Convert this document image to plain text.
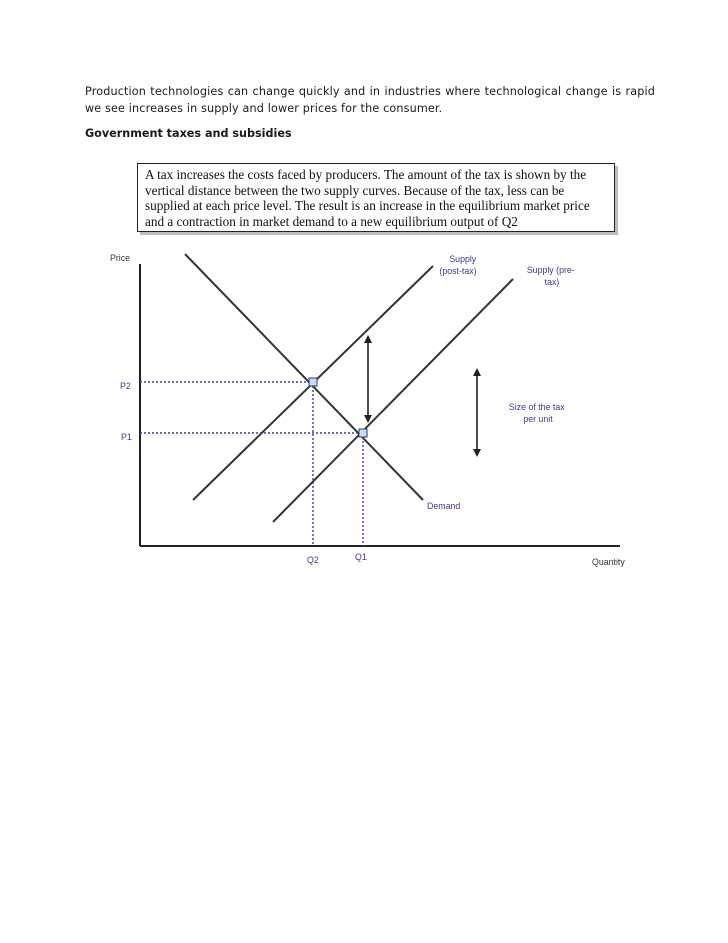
Production technologies can change quickly and in industries where technological change is rapid we see increases in supply and lower prices for the consumer.

Government taxes and subsidies

A tax increases the costs faced by producers. The amount of the tax is shown by the vertical distance between the two supply curves. Because of the tax, less can be supplied at each price level. The result is an increase in the equilibrium market price and a contraction in market demand to a new equilibrium output of Q2
Price
Quantity
P2
P1
Q2	Q1
Supply (post-tax)	Supply (pre- tax)
Demand
Size of the tax per unit
